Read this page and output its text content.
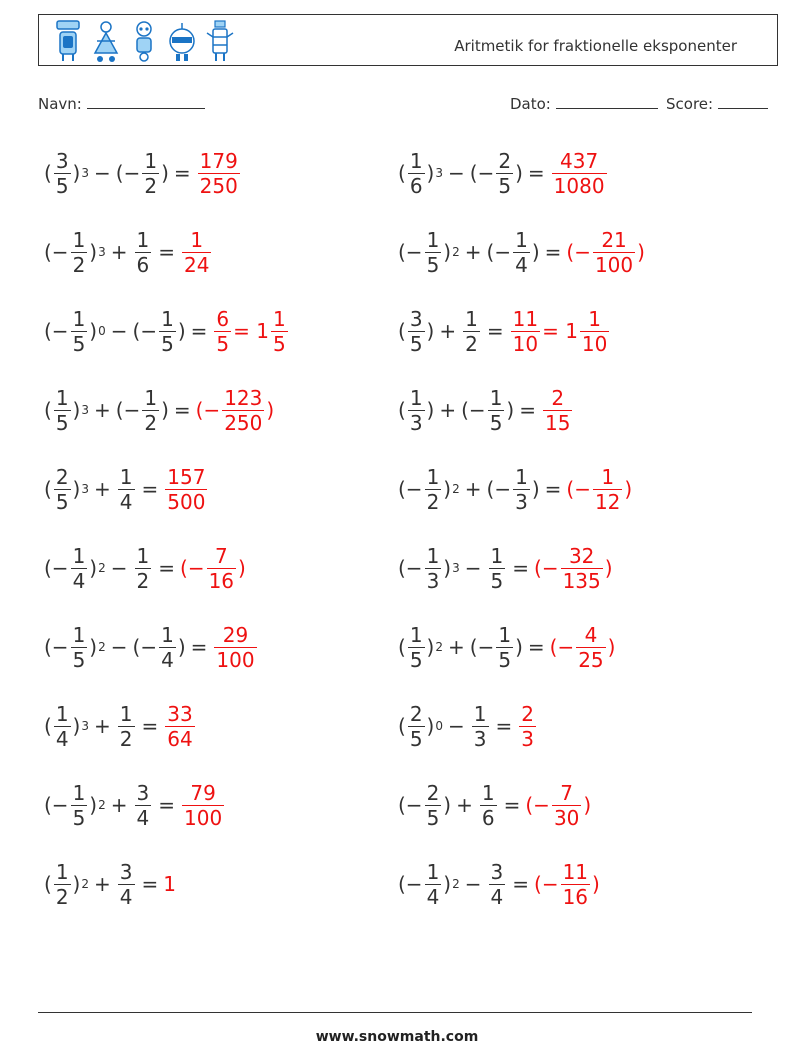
Aritmetik for fraktionelle eksponenter
Navn:	Dato:	Score:
( $\frac{3}{5}$ ) 3 − (− $\frac{1}{2}$ ) = $\frac{179}{250}$	( $\frac{1}{6}$ ) 3 − (− $\frac{2}{5}$ ) = $\frac{437}{1080}$
(− $\frac{1}{2}$ ) $3 + \frac{1}{6} = \frac{1}{24}$	(− $\frac{1}{5}$ ) 2 + (− $\frac{1}{4}$ ) = (− $\frac{21}{100}$ )
(− $\frac{1}{5}$ ) 0 − (− $\frac{1}{5}$ ) = $\frac{6}{5} = 1 \frac{1}{5}$	( $\frac{3}{5}$ ) + $\frac{1}{2} = \frac{11}{10} = 1 \frac{1}{10}$
( $\frac{1}{5}$ ) 3 + (− $\frac{1}{2}$ ) = (− $\frac{123}{250}$ )	( $\frac{1}{3}$ ) + (− $\frac{1}{5}$ ) = $\frac{2}{15}$
( $\frac{2}{5}$ ) $3 + \frac{1}{4} = \frac{157}{500}$	(− $\frac{1}{2}$ ) 2 + (− $\frac{1}{3}$ ) = (− $\frac{1}{12}$ )
(− $\frac{1}{4}$ ) $2 - \frac{1}{2}$ = (− $\frac{7}{16}$ )	(− $\frac{1}{3}$ ) $3 - \frac{1}{5}$ = (− $\frac{32}{135}$ )
(− $\frac{1}{5}$ ) 2 − (− $\frac{1}{4}$ ) = $\frac{29}{100}$	( $\frac{1}{5}$ ) 2 + (− $\frac{1}{5}$ ) = (− $\frac{4}{25}$ )
( $\frac{1}{4}$ ) $3 + \frac{1}{2} = \frac{33}{64}$	( $\frac{2}{5}$ ) $0 - \frac{1}{3} = \frac{2}{3}$
(− $\frac{1}{5}$ ) $2 + \frac{3}{4} = \frac{79}{100}$	(− $\frac{2}{5}$ ) + $\frac{1}{6}$ = (− $\frac{7}{30}$ )
( $\frac{1}{2}$ ) $2 + \frac{3}{4} = 1$	(− $\frac{1}{4}$ ) $2 - \frac{3}{4}$ = (− $\frac{11}{16}$ )
www.snowmath.com
